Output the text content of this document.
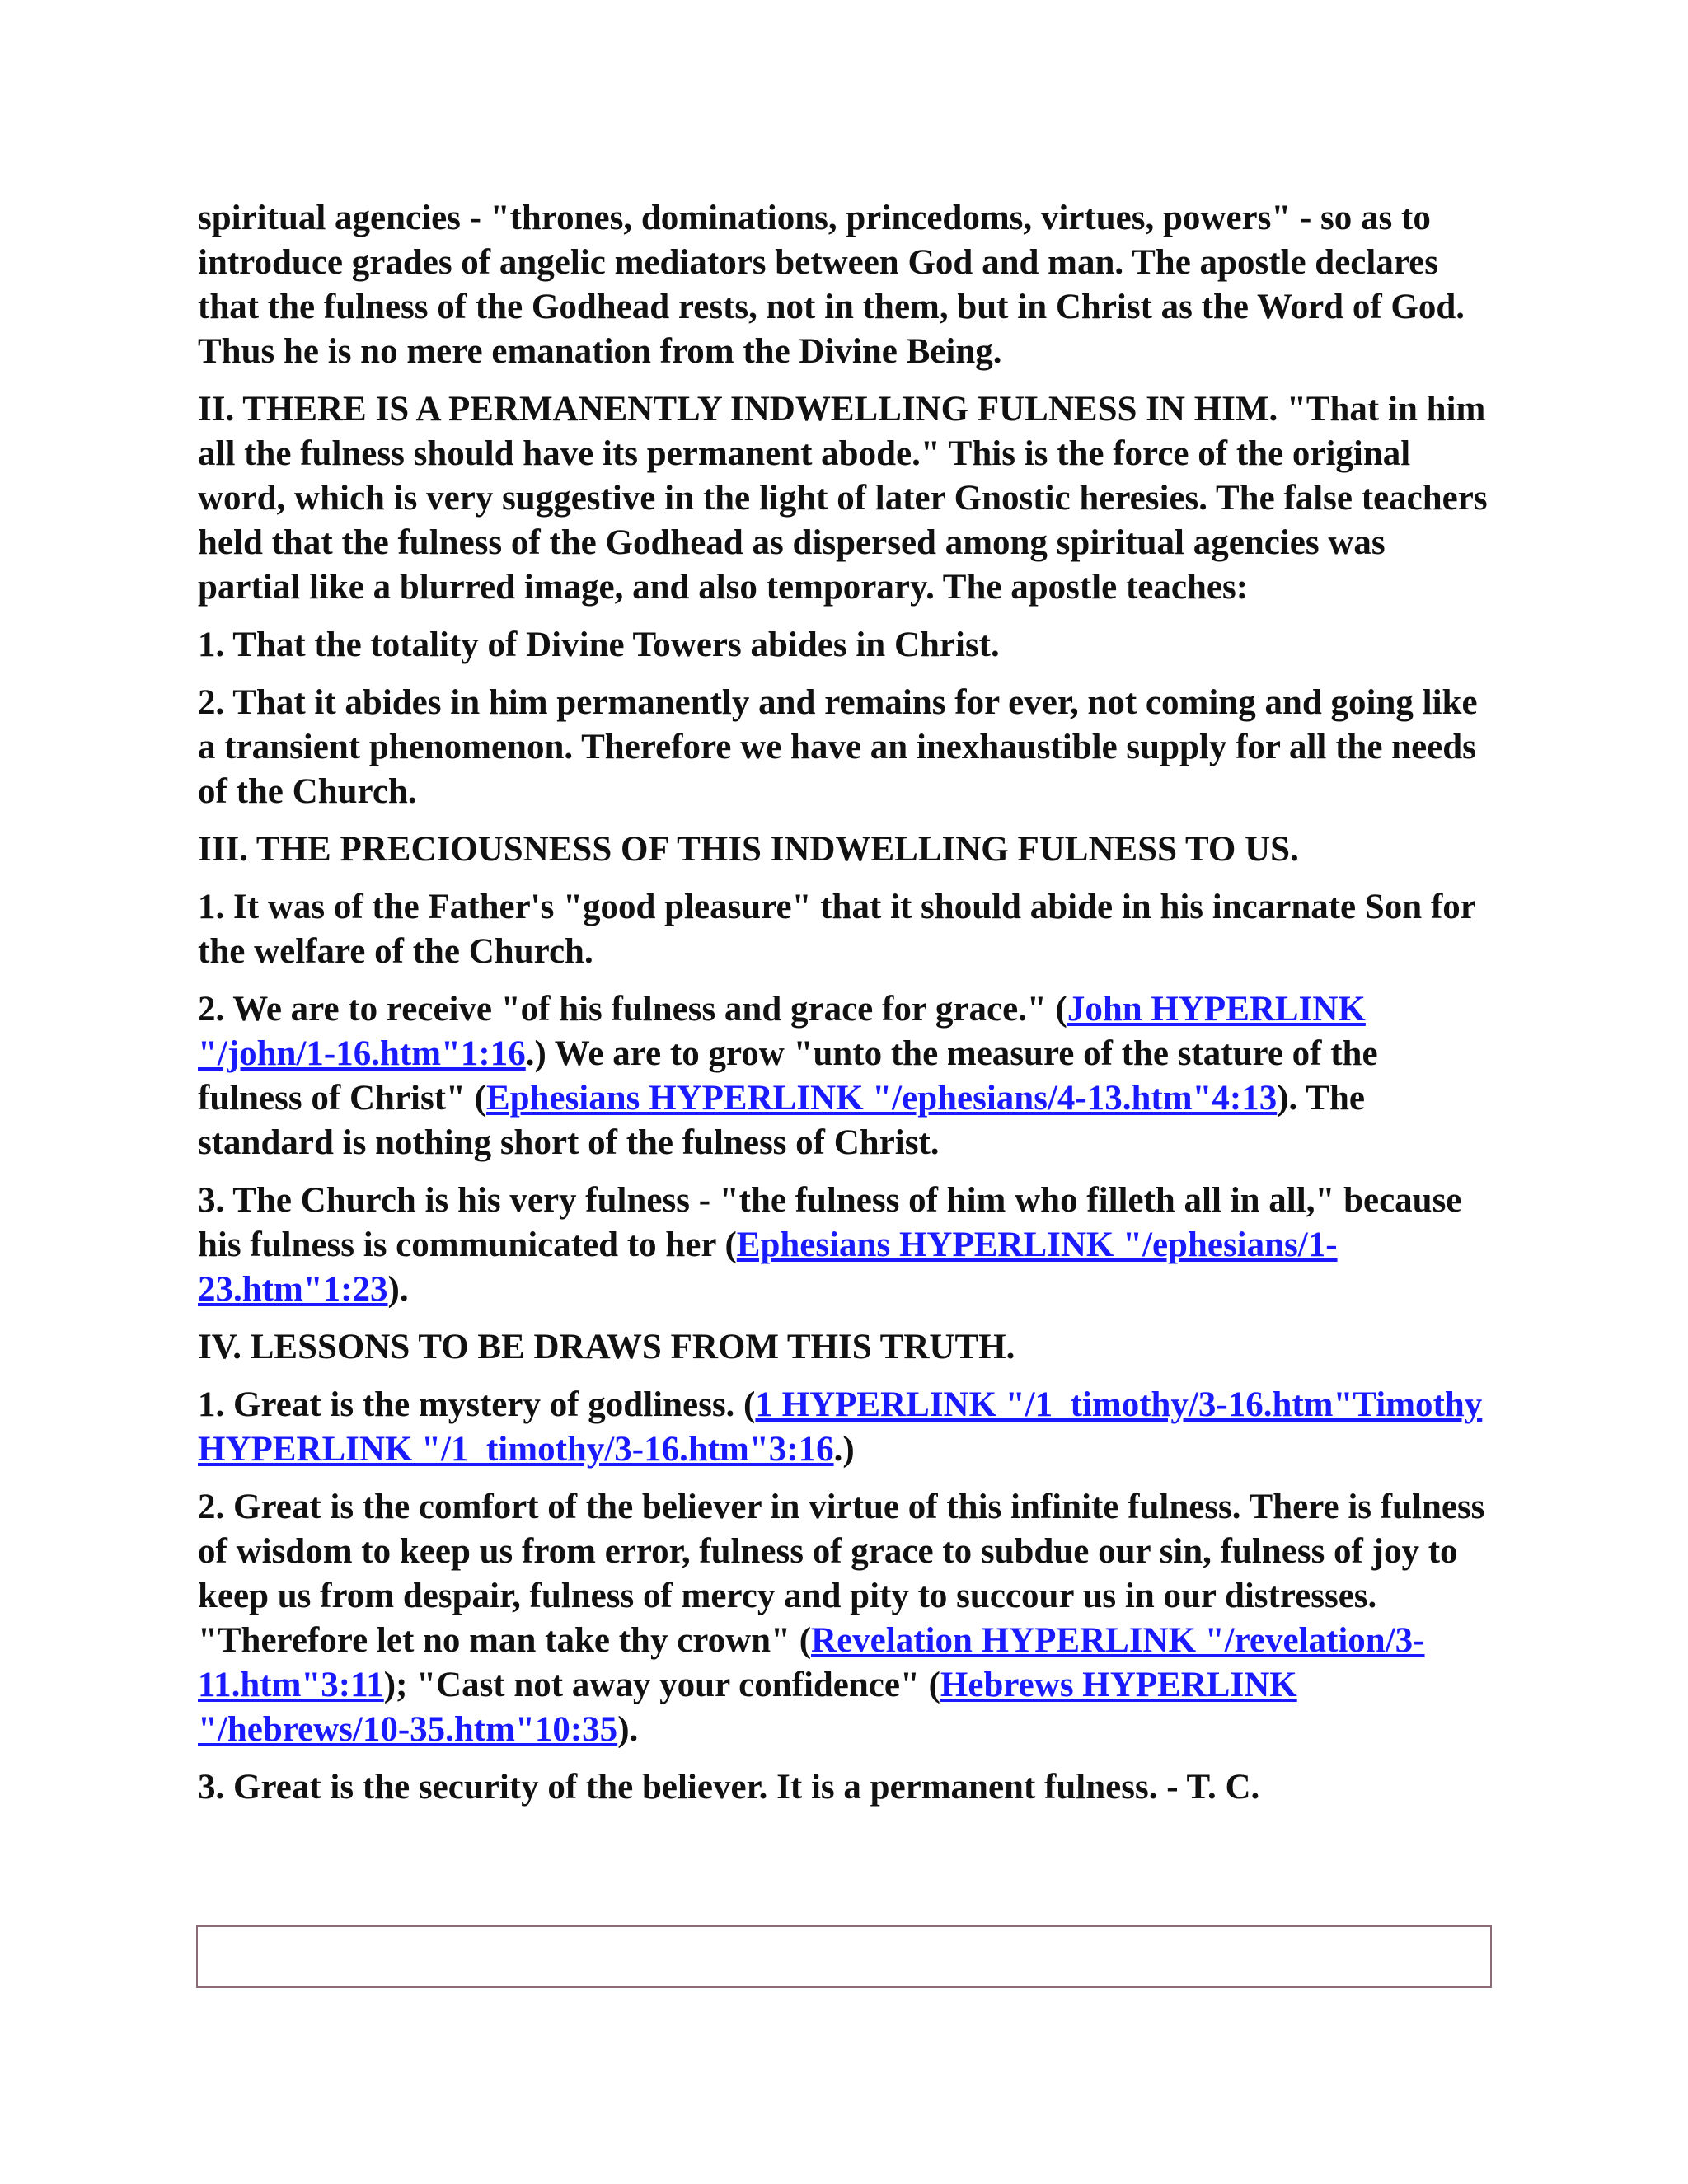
spiritual agencies - "thrones, dominations, princedoms, virtues, powers" - so as to introduce grades of angelic mediators between God and man. The apostle declares that the fulness of the Godhead rests, not in them, but in Christ as the Word of God. Thus he is no mere emanation from the Divine Being.

II. THERE IS A PERMANENTLY INDWELLING FULNESS IN HIM. "That in him all the fulness should have its permanent abode." This is the force of the original word, which is very suggestive in the light of later Gnostic heresies. The false teachers held that the fulness of the Godhead as dispersed among spiritual agencies was partial like a blurred image, and also temporary. The apostle teaches:

1. That the totality of Divine Towers abides in Christ.

2. That it abides in him permanently and remains for ever, not coming and going like a transient phenomenon. Therefore we have an inexhaustible supply for all the needs of the Church.

III. THE PRECIOUSNESS OF THIS INDWELLING FULNESS TO US.

1. It was of the Father's "good pleasure" that it should abide in his incarnate Son for the welfare of the Church.

2. We are to receive "of his fulness and grace for grace." (John HYPERLINK "/john/1-16.htm"1:16.) We are to grow "unto the measure of the stature of the fulness of Christ" (Ephesians HYPERLINK "/ephesians/4-13.htm"4:13). The standard is nothing short of the fulness of Christ.

3. The Church is his very fulness - "the fulness of him who filleth all in all," because his fulness is communicated to her (Ephesians HYPERLINK "/ephesians/1-23.htm"1:23).

IV. LESSONS TO BE DRAWS FROM THIS TRUTH.

1. Great is the mystery of godliness. (1 HYPERLINK "/1_timothy/3-16.htm"Timothy HYPERLINK "/1_timothy/3-16.htm"3:16.)

2. Great is the comfort of the believer in virtue of this infinite fulness. There is fulness of wisdom to keep us from error, fulness of grace to subdue our sin, fulness of joy to keep us from despair, fulness of mercy and pity to succour us in our distresses. "Therefore let no man take thy crown" (Revelation HYPERLINK "/revelation/3-11.htm"3:11); "Cast not away your confidence" (Hebrews HYPERLINK "/hebrews/10-35.htm"10:35).

3. Great is the security of the believer. It is a permanent fulness. - T. C.
